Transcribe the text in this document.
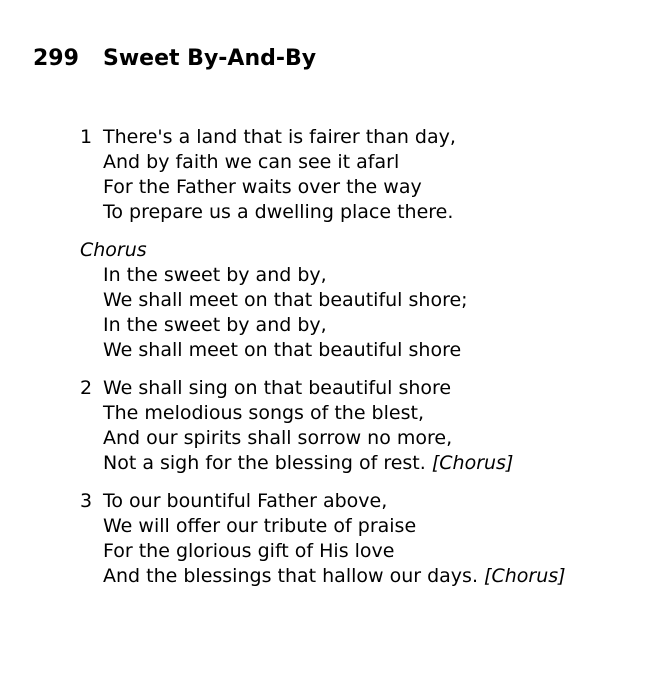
299 Sweet By-And-By
1 There's a land that is fairer than day,
And by faith we can see it afarl
For the Father waits over the way
To prepare us a dwelling place there.
Chorus
In the sweet by and by,
We shall meet on that beautiful shore;
In the sweet by and by,
We shall meet on that beautiful shore
2 We shall sing on that beautiful shore
The melodious songs of the blest,
And our spirits shall sorrow no more,
Not a sigh for the blessing of rest. [Chorus]
3 To our bountiful Father above,
We will offer our tribute of praise
For the glorious gift of His love
And the blessings that hallow our days. [Chorus]
